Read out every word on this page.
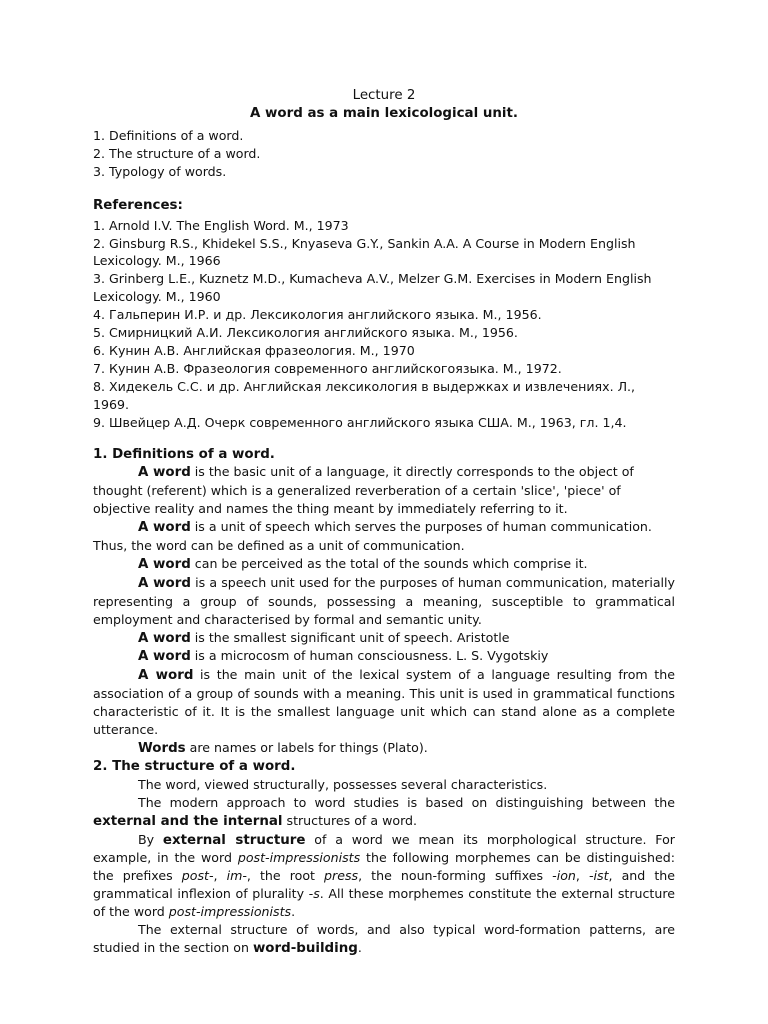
Lecture 2

A word as a main lexicological unit.

1. Definitions of a word.
2. The structure of a word.
3. Typology of words.

References:

1. Arnold I.V. The English Word. M., 1973
2. Ginsburg R.S., Khidekel S.S., Knyaseva G.Y., Sankin A.A. A Course in Modern English Lexicology. M., 1966
3. Grinberg L.E., Kuznetz M.D., Kumacheva A.V., Melzer G.M. Exercises in Modern English Lexicology. M., 1960
4. Гальперин И.Р. и др. Лексикология английского языка. М., 1956.
5. Смирницкий А.И. Лексикология английского языка. М., 1956.
6. Кунин А.В. Английская фразеология. М., 1970
7. Кунин А.В. Фразеология современного английскогоязыка. М., 1972.
8. Хидекель С.С. и др. Английская лексикология в выдержках и извлечениях. Л., 1969.
9. Швейцер А.Д. Очерк современного английского языка США. М., 1963, гл. 1,4.

1. Definitions of a word.

A word is the basic unit of a language, it directly corresponds to the object of thought (referent) which is a generalized reverberation of a certain 'slice', 'piece' of objective reality and names the thing meant by immediately referring to it.

A word is a unit of speech which serves the purposes of human communication. Thus, the word can be defined as a unit of communication.

A word can be perceived as the total of the sounds which comprise it.

A word is a speech unit used for the purposes of human communication, materially representing a group of sounds, possessing a meaning, susceptible to grammatical employment and characterised by formal and semantic unity.

A word is the smallest significant unit of speech. Aristotle

A word is a microcosm of human consciousness. L. S. Vygotskiy

A word is the main unit of the lexical system of a language resulting from the association of a group of sounds with a meaning. This unit is used in grammatical functions characteristic of it. It is the smallest language unit which can stand alone as a complete utterance.

Words are names or labels for things (Plato).

2. The structure of a word.

The word, viewed structurally, possesses several characteristics.

The modern approach to word studies is based on distinguishing between the external and the internal structures of a word.

By external structure of a word we mean its morphological structure. For example, in the word post-impressionists the following morphemes can be distinguished: the prefixes post-, im-, the root press, the noun-forming suffixes -ion, -ist, and the grammatical inflexion of plurality -s. All these morphemes constitute the external structure of the word post-impressionists.

The external structure of words, and also typical word-formation patterns, are studied in the section on word-building.
